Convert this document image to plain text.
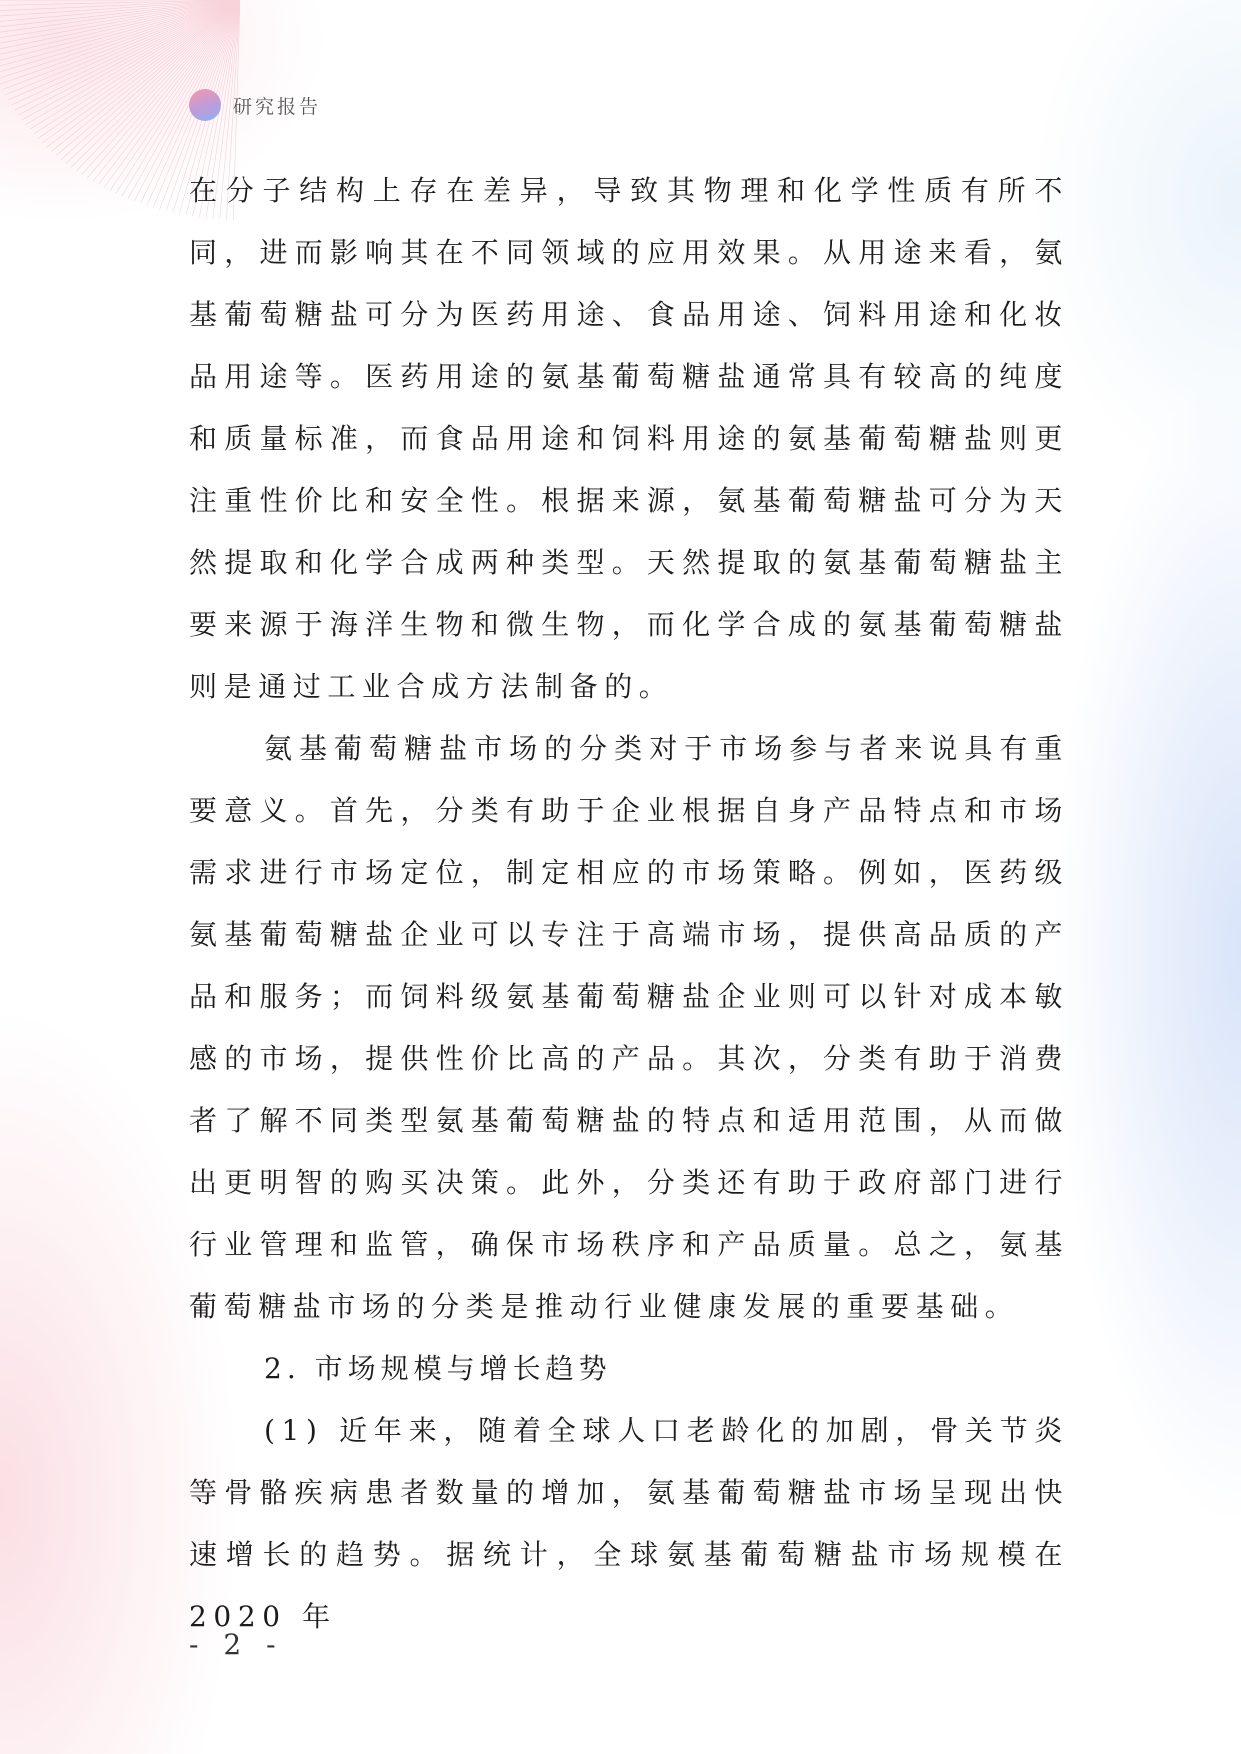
研究报告

在分子结构上存在差异，导致其物理和化学性质有所不同，进而影响其在不同领域的应用效果。从用途来看，氨基葡萄糖盐可分为医药用途、食品用途、饲料用途和化妆品用途等。医药用途的氨基葡萄糖盐通常具有较高的纯度和质量标准，而食品用途和饲料用途的氨基葡萄糖盐则更注重性价比和安全性。根据来源，氨基葡萄糖盐可分为天然提取和化学合成两种类型。天然提取的氨基葡萄糖盐主要来源于海洋生物和微生物，而化学合成的氨基葡萄糖盐则是通过工业合成方法制备的。

氨基葡萄糖盐市场的分类对于市场参与者来说具有重要意义。首先，分类有助于企业根据自身产品特点和市场需求进行市场定位，制定相应的市场策略。例如，医药级氨基葡萄糖盐企业可以专注于高端市场，提供高品质的产品和服务；而饲料级氨基葡萄糖盐企业则可以针对成本敏感的市场，提供性价比高的产品。其次，分类有助于消费者了解不同类型氨基葡萄糖盐的特点和适用范围，从而做出更明智的购买决策。此外，分类还有助于政府部门进行行业管理和监管，确保市场秩序和产品质量。总之，氨基葡萄糖盐市场的分类是推动行业健康发展的重要基础。

2. 市场规模与增长趋势

(1) 近年来，随着全球人口老龄化的加剧，骨关节炎等骨骼疾病患者数量的增加，氨基葡萄糖盐市场呈现出快速增长的趋势。据统计，全球氨基葡萄糖盐市场规模在 2020 年

- 2 -
